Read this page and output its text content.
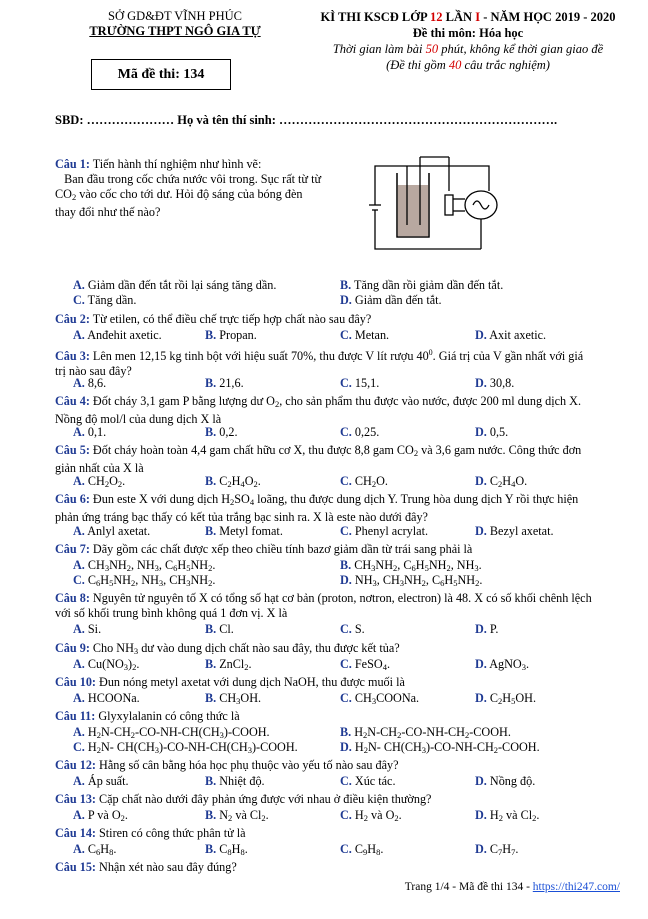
SỞ GD&ĐT VĨNH PHÚC
TRƯỜNG THPT NGÔ GIA TỰ
KÌ THI KSCĐ LỚP 12 LẦN I - NĂM HỌC 2019 - 2020
Đề thi môn: Hóa học
Thời gian làm bài 50 phút, không kể thời gian giao đề
(Đề thi gồm 40 câu trắc nghiệm)
Mã đề thi: 134
SBD: ………………… Họ và tên thí sinh: ………………………………………………………….
Trang 1/4 - Mã đề thi 134 - https://thi247.com/
Câu 1: Tiến hành thí nghiệm như hình vẽ:
Ban đầu trong cốc chứa nước vôi trong. Sục rất từ từ $CO_2$ vào cốc cho tới dư. Hỏi độ sáng của bóng đèn thay đổi như thế nào?
A. Giảm dần đến tắt rồi lại sáng tăng dần.	B. Tăng dần rồi giảm dần đến tắt.
C. Tăng dần.	D. Giảm dần đến tắt.
Câu 2: Từ etilen, có thể điều chế trực tiếp hợp chất nào sau đây?
A. Anđehit axetic.	B. Propan.	C. Metan.	D. Axit axetic.
Câu 3: Lên men 12,15 kg tinh bột với hiệu suất 70%, thu được V lít rượu $40^0$. Giá trị của V gần nhất với giá trị nào sau đây?
A. 8,6.	B. 21,6.	C. 15,1.	D. 30,8.
Câu 4: Đốt cháy 3,1 gam P bằng lượng dư $O_2$, cho sản phẩm thu được vào nước, được 200 ml dung dịch X. Nồng độ mol/l của dung dịch X là
A. 0,1.	B. 0,2.	C. 0,25.	D. 0,5.
Câu 5: Đốt cháy hoàn toàn 4,4 gam chất hữu cơ X, thu được 8,8 gam $CO_2$ và 3,6 gam nước. Công thức đơn giản nhất của X là
A. $CH_2O_2$.	B. $C_2H_4O_2$.	C. $CH_2O$.	D. $C_2H_4O$.
Câu 6: Đun este X với dung dịch $H_2SO_4$ loãng, thu được dung dịch Y. Trung hòa dung dịch Y rồi thực hiện phản ứng tráng bạc thấy có kết tủa trắng bạc sinh ra. X là este nào dưới đây?
A. Anlyl axetat.	B. Metyl fomat.	C. Phenyl acrylat.	D. Bezyl axetat.
Câu 7: Dãy gồm các chất được xếp theo chiều tính bazơ giảm dần từ trái sang phải là
A. $CH_3NH_2$, $NH_3$, $C_6H_5NH_2$.	B. $CH_3NH_2$, $C_6H_5NH_2$, $NH_3$.
C. $C_6H_5NH_2$, $NH_3$, $CH_3NH_2$.	D. $NH_3$, $CH_3NH_2$, $C_6H_5NH_2$.
Câu 8: Nguyên tử nguyên tố X có tổng số hạt cơ bản (proton, nơtron, electron) là 48. X có số khối chênh lệch với số khối trung bình không quá 1 đơn vị. X là
A. Si.	B. Cl.	C. S.	D. P.
Câu 9: Cho $NH_3$ dư vào dung dịch chất nào sau đây, thu được kết tủa?
A. $Cu(NO_3)_2$.	B. ZnCl$_2$.	C. FeSO$_4$.	D. AgNO$_3$.
Câu 10: Đun nóng metyl axetat với dung dịch NaOH, thu được muối là
A. HCOONa.	B. $CH_3OH$.	C. $CH_3COONa$.	D. $C_2H_5OH$.
Câu 11: Glyxylalanin có công thức là
A. $H_2N-CH_2-CO-NH-CH(CH_3)$-COOH.	B. $H_2N-CH_2-CO-NH-CH_2$-COOH.
C. $H_2N-$ $CH(CH_3)-CO-NH-CH(CH_3)$-COOH.	D. $H_2N-$ $CH(CH_3)-CO-NH-CH_2$-COOH.
Câu 12: Hằng số cân bằng hóa học phụ thuộc vào yếu tố nào sau đây?
A. Áp suất.	B. Nhiệt độ.	C. Xúc tác.	D. Nồng độ.
Câu 13: Cặp chất nào dưới đây phản ứng được với nhau ở điều kiện thường?
A. P và $O_2$.	B. $N_2$ và $Cl_2$.	C. $H_2$ và $O_2$.	D. $H_2$ và $Cl_2$.
Câu 14: Stiren có công thức phân tử là
A. $C_6H_8$.	B. $C_8H_8$.	C. $C_9H_8$.	D. $C_7H_7$.
Câu 15: Nhận xét nào sau đây đúng?
